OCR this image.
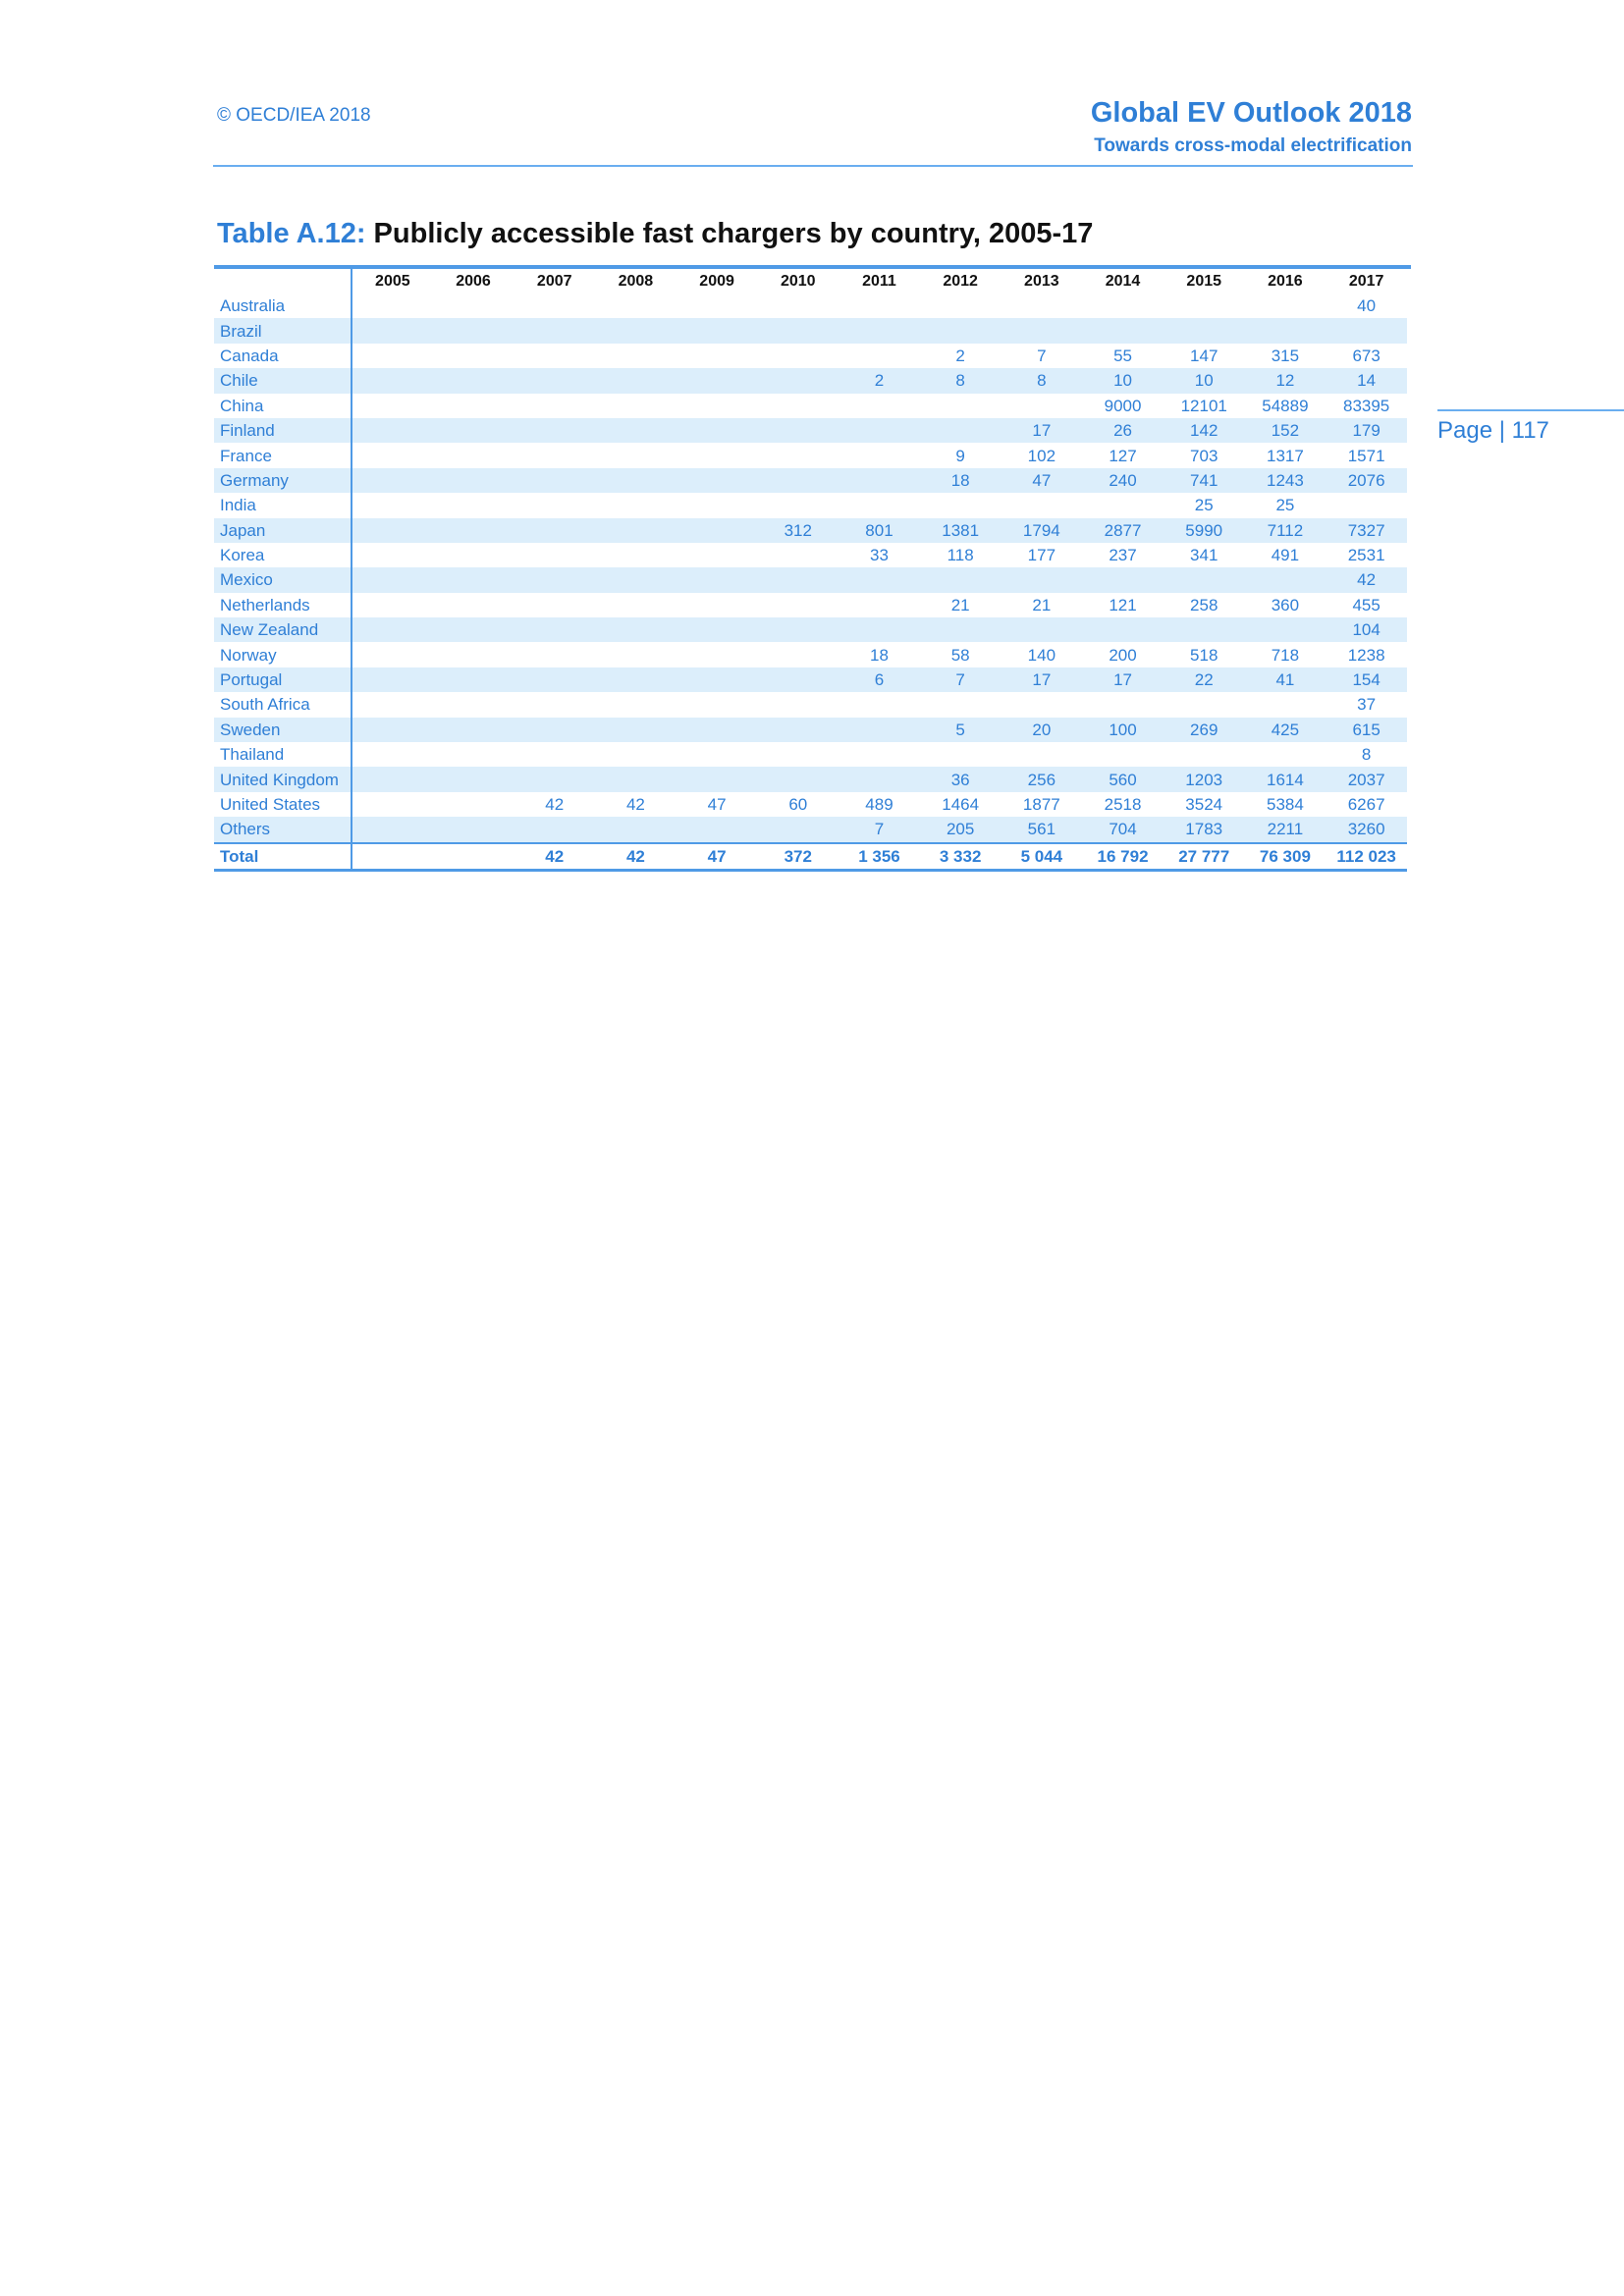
© OECD/IEA 2018	Global EV Outlook 2018
Towards cross-modal electrification
Table A.12: Publicly accessible fast chargers by country, 2005-17
Page | 117
	2005	2006	2007	2008	2009	2010	2011	2012	2013	2014	2015	2016	2017
Australia													40
Brazil													
Canada								2	7	55	147	315	673
Chile							2	8	8	10	10	12	14
China										9000	12101	54889	83395
Finland									17	26	142	152	179
France								9	102	127	703	1317	1571
Germany								18	47	240	741	1243	2076
India											25	25	
Japan						312	801	1381	1794	2877	5990	7112	7327
Korea							33	118	177	237	341	491	2531
Mexico													42
Netherlands								21	21	121	258	360	455
New Zealand													104
Norway							18	58	140	200	518	718	1238
Portugal							6	7	17	17	22	41	154
South Africa													37
Sweden								5	20	100	269	425	615
Thailand													8
United Kingdom								36	256	560	1203	1614	2037
United States			42	42	47	60	489	1464	1877	2518	3524	5384	6267
Others							7	205	561	704	1783	2211	3260
Total			42	42	47	372	1 356	3 332	5 044	16 792	27 777	76 309	112 023
